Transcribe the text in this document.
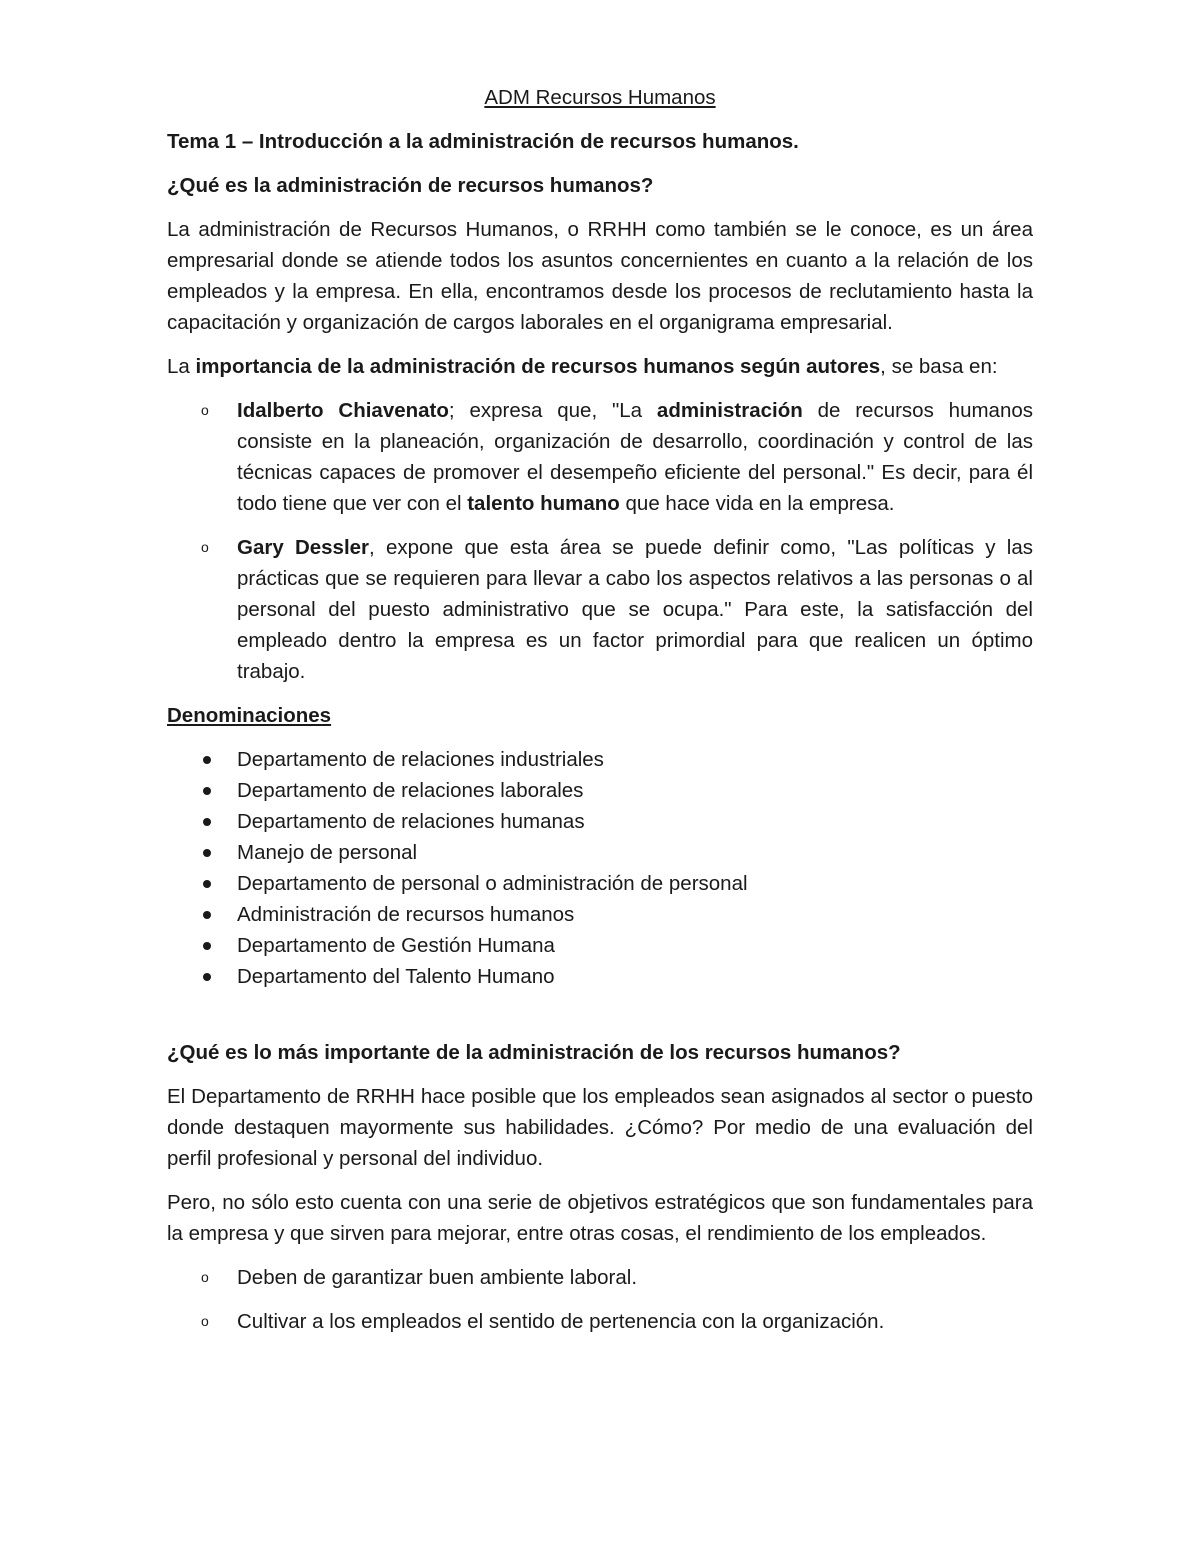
ADM Recursos Humanos

Tema 1 – Introducción a la administración de recursos humanos.

¿Qué es la administración de recursos humanos?

La administración de Recursos Humanos, o RRHH como también se le conoce, es un área empresarial donde se atiende todos los asuntos concernientes en cuanto a la relación de los empleados y la empresa. En ella, encontramos desde los procesos de reclutamiento hasta la capacitación y organización de cargos laborales en el organigrama empresarial.

La importancia de la administración de recursos humanos según autores, se basa en:

o Idalberto Chiavenato; expresa que, "La administración de recursos humanos consiste en la planeación, organización de desarrollo, coordinación y control de las técnicas capaces de promover el desempeño eficiente del personal." Es decir, para él todo tiene que ver con el talento humano que hace vida en la empresa.
o Gary Dessler, expone que esta área se puede definir como, "Las políticas y las prácticas que se requieren para llevar a cabo los aspectos relativos a las personas o al personal del puesto administrativo que se ocupa." Para este, la satisfacción del empleado dentro la empresa es un factor primordial para que realicen un óptimo trabajo.

Denominaciones

Departamento de relaciones industriales
Departamento de relaciones laborales
Departamento de relaciones humanas
Manejo de personal
Departamento de personal o administración de personal
Administración de recursos humanos
Departamento de Gestión Humana
Departamento del Talento Humano

¿Qué es lo más importante de la administración de los recursos humanos?

El Departamento de RRHH hace posible que los empleados sean asignados al sector o puesto donde destaquen mayormente sus habilidades. ¿Cómo? Por medio de una evaluación del perfil profesional y personal del individuo.

Pero, no sólo esto cuenta con una serie de objetivos estratégicos que son fundamentales para la empresa y que sirven para mejorar, entre otras cosas, el rendimiento de los empleados.

o Deben de garantizar buen ambiente laboral.
o Cultivar a los empleados el sentido de pertenencia con la organización.
